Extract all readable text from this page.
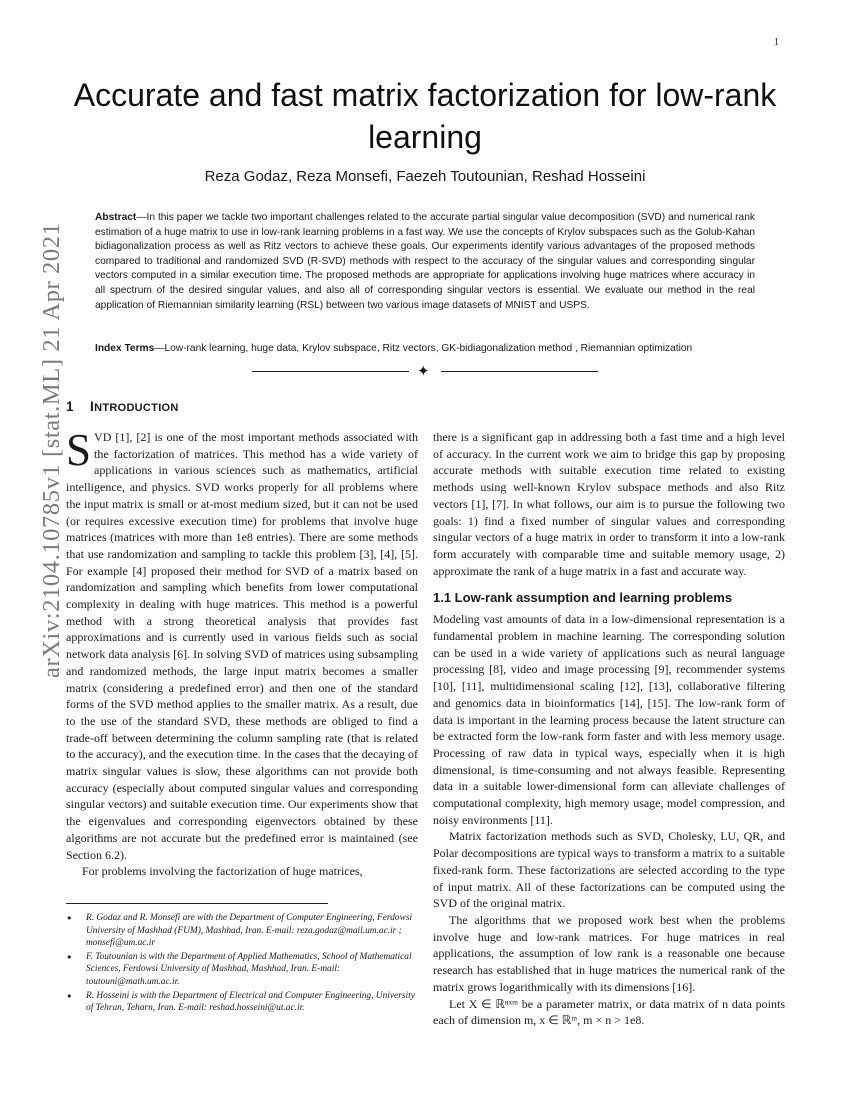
1
arXiv:2104.10785v1 [stat.ML] 21 Apr 2021
Accurate and fast matrix factorization for low-rank learning
Reza Godaz, Reza Monsefi, Faezeh Toutounian, Reshad Hosseini
Abstract—In this paper we tackle two important challenges related to the accurate partial singular value decomposition (SVD) and numerical rank estimation of a huge matrix to use in low-rank learning problems in a fast way. We use the concepts of Krylov subspaces such as the Golub-Kahan bidiagonalization process as well as Ritz vectors to achieve these goals. Our experiments identify various advantages of the proposed methods compared to traditional and randomized SVD (R-SVD) methods with respect to the accuracy of the singular values and corresponding singular vectors computed in a similar execution time. The proposed methods are appropriate for applications involving huge matrices where accuracy in all spectrum of the desired singular values, and also all of corresponding singular vectors is essential. We evaluate our method in the real application of Riemannian similarity learning (RSL) between two various image datasets of MNIST and USPS.
Index Terms—Low-rank learning, huge data, Krylov subspace, Ritz vectors, GK-bidiagonalization method , Riemannian optimization
✦
1 INTRODUCTION

SVD [1], [2] is one of the most important methods associated with the factorization of matrices. This method has a wide variety of applications in various sciences such as mathematics, artificial intelligence, and physics. SVD works properly for all problems where the input matrix is small or at-most medium sized, but it can not be used (or requires excessive execution time) for problems that involve huge matrices (matrices with more than 1e8 entries). There are some methods that use randomization and sampling to tackle this problem [3], [4], [5]. For example [4] proposed their method for SVD of a matrix based on randomization and sampling which benefits from lower computational complexity in dealing with huge matrices. This method is a powerful method with a strong theoretical analysis that provides fast approximations and is currently used in various fields such as social network data analysis [6]. In solving SVD of matrices using subsampling and randomized methods, the large input matrix becomes a smaller matrix (considering a predefined error) and then one of the standard forms of the SVD method applies to the smaller matrix. As a result, due to the use of the standard SVD, these methods are obliged to find a trade-off between determining the column sampling rate (that is related to the accuracy), and the execution time. In the cases that the decaying of matrix singular values is slow, these algorithms can not provide both accuracy (especially about computed singular values and corresponding singular vectors) and suitable execution time. Our experiments show that the eigenvalues and corresponding eigenvectors obtained by these algorithms are not accurate but the predefined error is maintained (see Section 6.2).

For problems involving the factorization of huge matrices,

there is a significant gap in addressing both a fast time and a high level of accuracy. In the current work we aim to bridge this gap by proposing accurate methods with suitable execution time related to existing methods using well-known Krylov subspace methods and also Ritz vectors [1], [7]. In what follows, our aim is to pursue the following two goals: 1) find a fixed number of singular values and corresponding singular vectors of a huge matrix in order to transform it into a low-rank form accurately with comparable time and suitable memory usage, 2) approximate the rank of a huge matrix in a fast and accurate way.

1.1 Low-rank assumption and learning problems

Modeling vast amounts of data in a low-dimensional representation is a fundamental problem in machine learning. The corresponding solution can be used in a wide variety of applications such as neural language processing [8], video and image processing [9], recommender systems [10], [11], multidimensional scaling [12], [13], collaborative filtering and genomics data in bioinformatics [14], [15]. The low-rank form of data is important in the learning process because the latent structure can be extracted form the low-rank form faster and with less memory usage. Processing of raw data in typical ways, especially when it is high dimensional, is time-consuming and not always feasible. Representing data in a suitable lower-dimensional form can alleviate challenges of computational complexity, high memory usage, model compression, and noisy environments [11].

Matrix factorization methods such as SVD, Cholesky, LU, QR, and Polar decompositions are typical ways to transform a matrix to a suitable fixed-rank form. These factorizations are selected according to the type of input matrix. All of these factorizations can be computed using the SVD of the original matrix.

The algorithms that we proposed work best when the problems involve huge and low-rank matrices. For huge matrices in real applications, the assumption of low rank is a reasonable one because research has established that in huge matrices the numerical rank of the matrix grows logarithmically with its dimensions [16].

Let X ∈ ℝⁿˣᵐ be a parameter matrix, or data matrix of n data points each of dimension m, x ∈ ℝᵐ, m × n > 1e8.

•
R. Godaz and R. Monsefi are with the Department of Computer Engineering, Ferdowsi University of Mashhad (FUM), Mashhad, Iran. E-mail: reza.godaz@mail.um.ac.ir ; monsefi@um.ac.ir
•
F. Toutounian is with the Department of Applied Mathematics, School of Mathematical Sciences, Ferdowsi University of Mashhad, Mashhad, Iran. E-mail: toutouni@math.um.ac.ir.
•
R. Hosseini is with the Department of Electrical and Computer Engineering, University of Tehran, Teharn, Iran. E-mail: reshad.hosseini@ut.ac.ir.
